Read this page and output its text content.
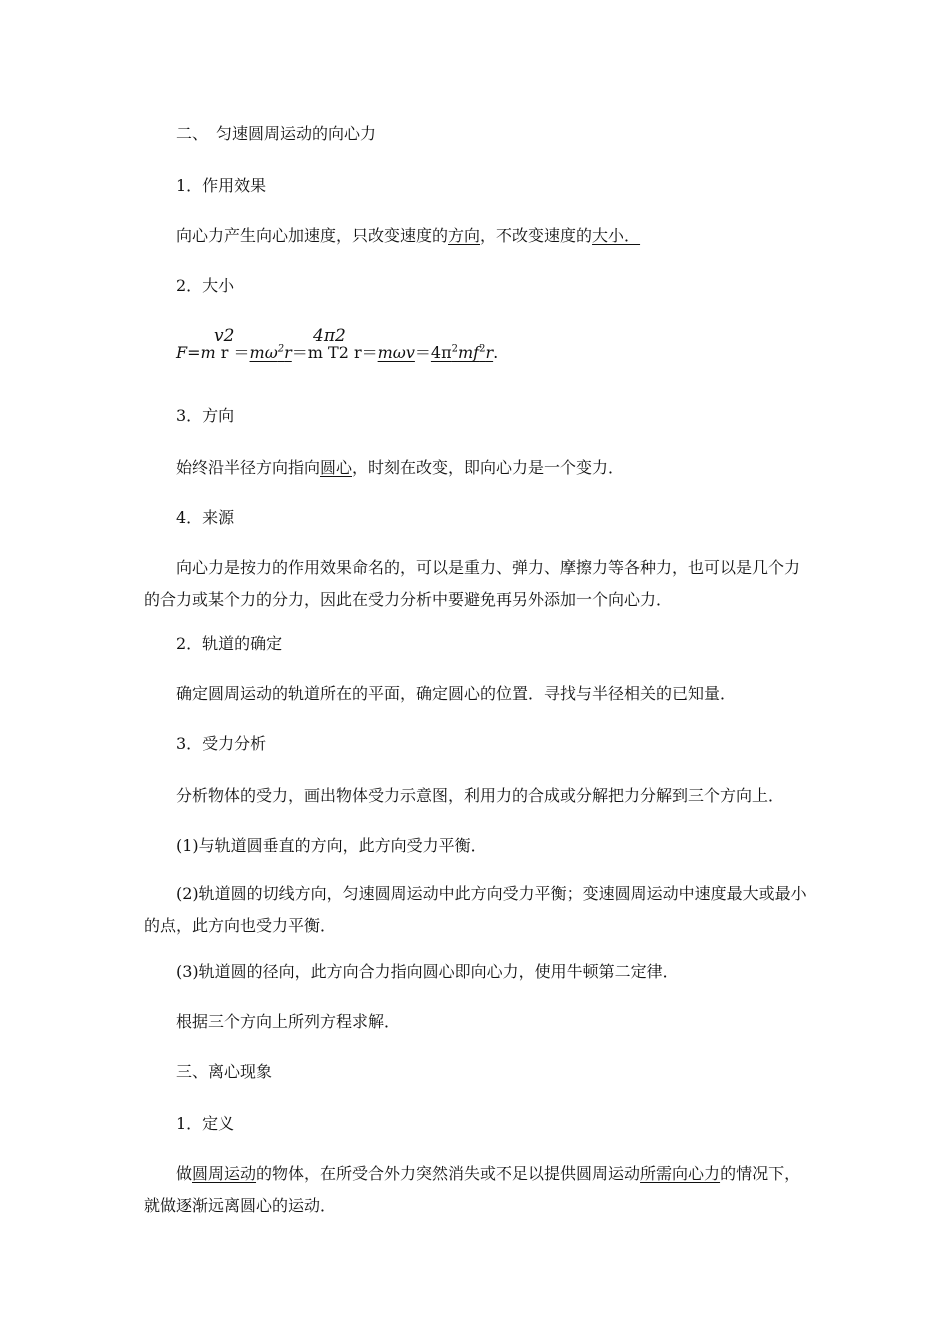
二、　匀速圆周运动的向心力
1．作用效果
向心力产生向心加速度，只改变速度的方向，不改变速度的大小．
2．大小
v2	4π2
F=m $r =m\omega^2r=m$ T2 $r=m\omega v=4\pi^2mf^2r$.
3．方向
始终沿半径方向指向圆心，时刻在改变，即向心力是一个变力．
4．来源
向心力是按力的作用效果命名的，可以是重力、弹力、摩擦力等各种力，也可以是几个力的合力或某个力的分力，因此在受力分析中要避免再另外添加一个向心力．
2．轨道的确定
确定圆周运动的轨道所在的平面，确定圆心的位置．寻找与半径相关的已知量．
3．受力分析
分析物体的受力，画出物体受力示意图，利用力的合成或分解把力分解到三个方向上．
(1)与轨道圆垂直的方向，此方向受力平衡．
(2)轨道圆的切线方向，匀速圆周运动中此方向受力平衡；变速圆周运动中速度最大或最小的点，此方向也受力平衡．
(3)轨道圆的径向，此方向合力指向圆心即向心力，使用牛顿第二定律．
根据三个方向上所列方程求解．
三、离心现象
1．定义
做圆周运动的物体，在所受合外力突然消失或不足以提供圆周运动所需向心力的情况下，就做逐渐远离圆心的运动．
